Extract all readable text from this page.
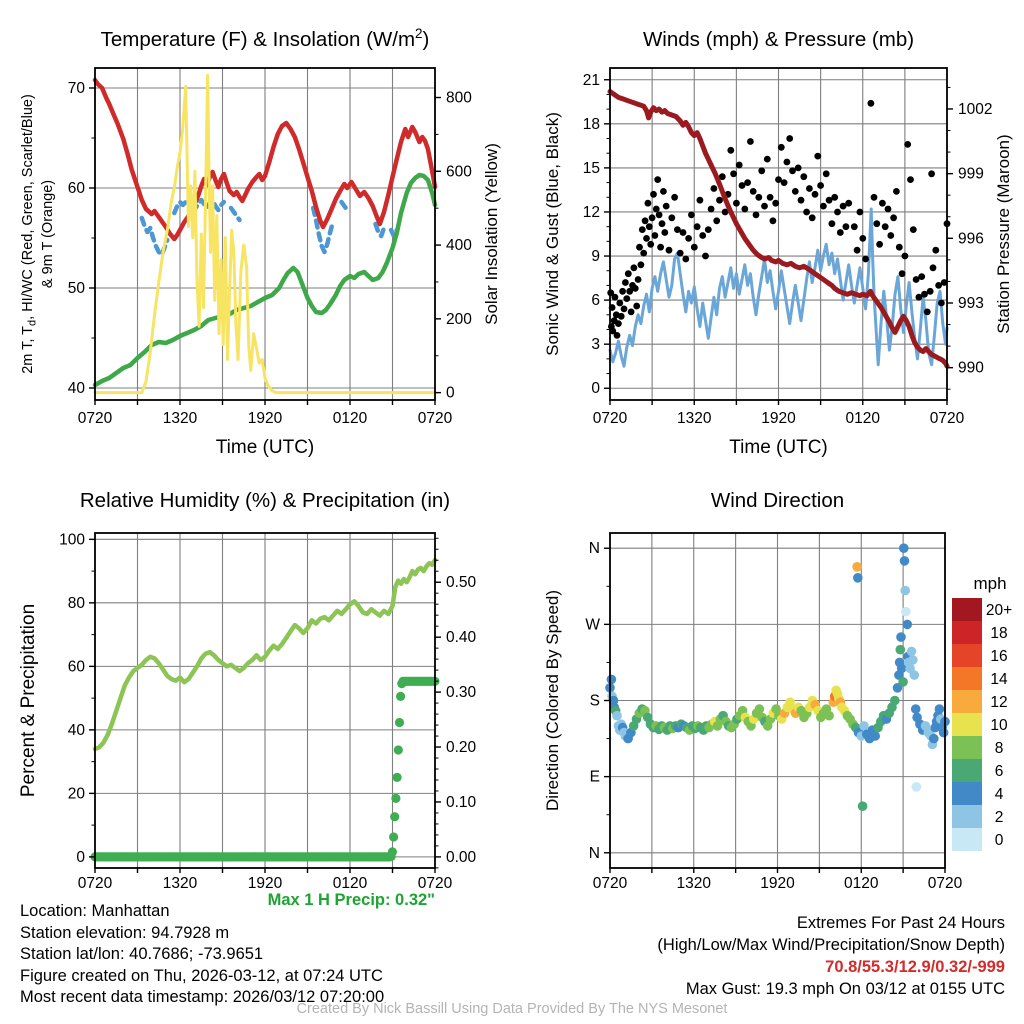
0720	1320	1920	0120	0720
Time (UTC)
40
50
60
70
0
200
400
600
800
Solar Insolation (Yellow)
2m T, $T_d$, HI/WC (Red, Green, Scarlet/Blue) & 9m T (Orange)
Temperature (F) & Insolation $(W/m^2)$
0720	1320	1920	0120	0720
Time (UTC)
0
3
6
9
12
15
18
21
990
993
996
999
1002
Station Pressure (Maroon)
Sonic Wind & Gust (Blue, Black)
Winds (mph) & Pressure (mb)
0720	1320	1920	0120	0720
0
20
40
60
80
100
0.00
0.10
0.20
0.30
0.40
0.50
Percent & Precipitation
Relative Humidity (%) & Precipitation (in)
0720	1320	1920	0120	0720
N
E
S
W
N
Direction (Colored By Speed)
Wind Direction
mph
20+
18
16
14
12
10
8
6
4
2
0
Location: Manhattan
Station elevation: 94.7928 m
Station lat/lon: 40.7686; -73.9651
Figure created on Thu, 2026-03-12, at 07:24 UTC
Most recent data timestamp: 2026/03/12 07:20:00
Max 1 H Precip: 0.32"
Extremes For Past 24 Hours
(High/Low/Max Wind/Precipitation/Snow Depth)
70.8/55.3/12.9/0.32/-999
Max Gust: 19.3 mph On 03/12 at 0155 UTC
Created By Nick Bassill Using Data Provided By The NYS Mesonet
